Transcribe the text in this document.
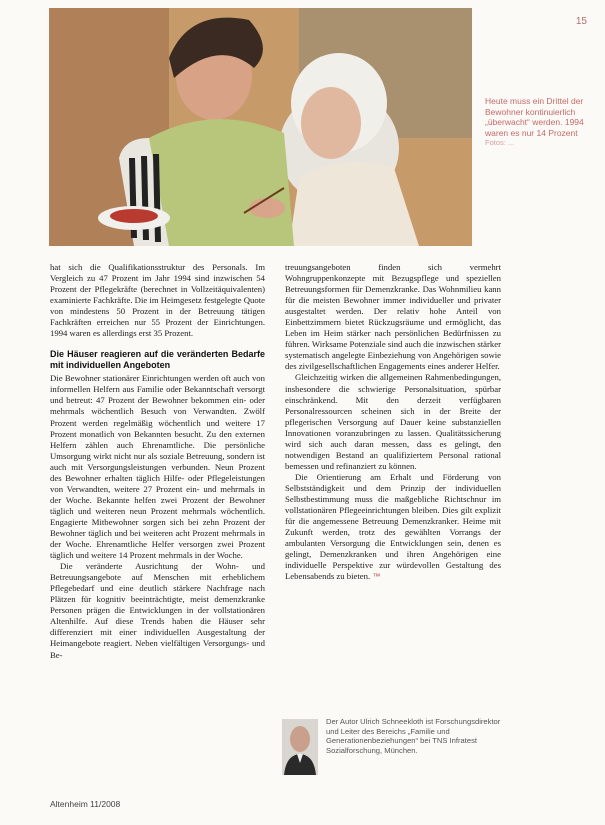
15
Heute muss ein Drittel der Bewohner kontinuierlich „überwacht“ werden. 1994 waren es nur 14 Prozent
Fotos: ...

hat sich die Qualifikationsstruktur des Personals. Im Vergleich zu 47 Prozent im Jahr 1994 sind inzwischen 54 Prozent der Pflegekräfte (berechnet in Vollzeitäquivalenten) examinierte Fachkräfte. Die im Heimgesetz festgelegte Quote von mindestens 50 Prozent in der Betreuung tätigen Fachkräften erreichen nur 55 Prozent der Einrichtungen. 1994 waren es allerdings erst 35 Prozent.

Die Häuser reagieren auf die veränderten Bedarfe mit individuellen Angeboten

Die Bewohner stationärer Einrichtungen werden oft auch von informellen Helfern aus Familie oder Bekanntschaft versorgt und betreut: 47 Prozent der Bewohner bekommen ein- oder mehrmals wöchentlich Besuch von Verwandten. Zwölf Prozent werden regelmäßig wöchentlich und weitere 17 Prozent monatlich von Bekannten besucht. Zu den externen Helfern zählen auch Ehrenamtliche. Die persönliche Umsorgung wirkt nicht nur als soziale Betreuung, sondern ist auch mit Versorgungsleistungen verbunden. Neun Prozent des Bewohner erhalten täglich Hilfe- oder Pflegeleistungen von Verwandten, weitere 27 Prozent ein- und mehrmals in der Woche. Bekannte helfen zwei Prozent der Bewohner täglich und weiteren neun Prozent mehrmals wöchentlich. Engagierte Mitbewohner sorgen sich bei zehn Prozent der Bewohner täglich und bei weiteren acht Prozent mehrmals in der Woche. Ehrenamtliche Helfer versorgen zwei Prozent täglich und weitere 14 Prozent mehrmals in der Woche.

Die veränderte Ausrichtung der Wohn- und Betreuungsangebote auf Menschen mit erheblichem Pflegebedarf und eine deutlich stärkere Nachfrage nach Plätzen für kognitiv beeinträchtigte, meist demenzkranke Personen prägen die Entwicklungen in der vollstationären Altenhilfe. Auf diese Trends haben die Häuser sehr differenziert mit einer individuellen Ausgestaltung der Heimangebote reagiert. Neben vielfältigen Versorgungs- und Be-

treuungsangeboten finden sich vermehrt Wohngruppenkonzepte mit Bezugspflege und speziellen Betreuungsformen für Demenzkranke. Das Wohnmilieu kann für die meisten Bewohner immer individueller und privater ausgestaltet werden. Der relativ hohe Anteil von Einbettzimmern bietet Rückzugsräume und ermöglicht, das Leben im Heim stärker nach persönlichen Bedürfnissen zu führen. Wirksame Potenziale sind auch die inzwischen stärker systematisch angelegte Einbeziehung von Angehörigen sowie des zivilgesellschaftlichen Engagements eines anderer Helfer.

Gleichzeitig wirken die allgemeinen Rahmenbedingungen, insbesondere die schwierige Personalsituation, spürbar einschränkend. Mit den derzeit verfügbaren Personalressourcen scheinen sich in der Breite der pflegerischen Versorgung auf Dauer keine substanziellen Innovationen voranzubringen zu lassen. Qualitätssicherung wird sich auch daran messen, dass es gelingt, den notwendigen Bestand an qualifiziertem Personal rational bemessen und refinanziert zu können.

Die Orientierung am Erhalt und Förderung von Selbstständigkeit und dem Prinzip der individuellen Selbstbestimmung muss die maßgebliche Richtschnur im vollstationären Pflegeeinrichtungen bleiben. Dies gilt explizit für die angemessene Betreuung Demenzkranker. Heime mit Zukunft werden, trotz des gewählten Vorrangs der ambulanten Versorgung die Entwicklungen sein, denen es gelingt, Demenzkranken und ihren Angehörigen eine individuelle Perspektive zur würdevollen Gestaltung des Lebensabends zu bieten. ™

Der Autor Ulrich Schneekloth ist Forschungsdirektor und Leiter des Bereichs „Familie und Generationenbeziehungen“ bei TNS Infratest Sozialforschung, München.
Altenheim 11/2008
